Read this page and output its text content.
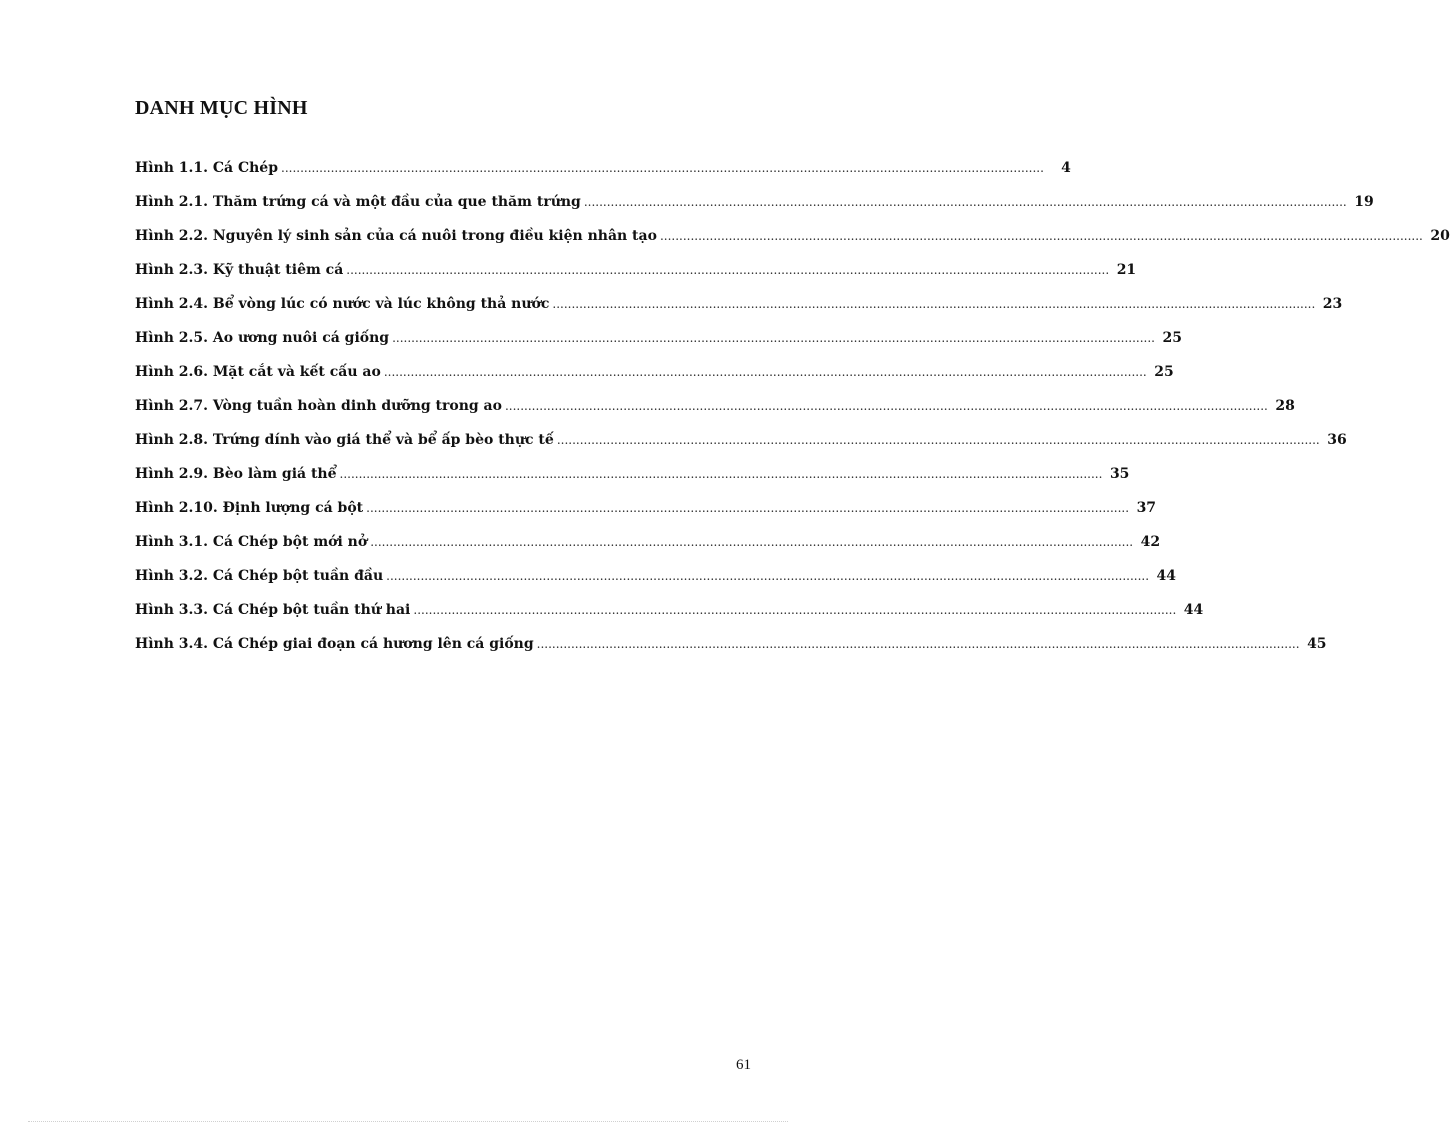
DANH MỤC HÌNH
Hình 1.1. Cá Chép ........................................................................................................................................................................................................	4
Hình 2.1. Thăm trứng cá và một đầu của que thăm trứng ........................................................................................................................................................................................................ 19
Hình 2.2. Nguyên lý sinh sản của cá nuôi trong điều kiện nhân tạo ........................................................................................................................................................................................................ 20
Hình 2.3. Kỹ thuật tiêm cá ........................................................................................................................................................................................................ 21
Hình 2.4. Bể vòng lúc có nước và lúc không thả nước ........................................................................................................................................................................................................ 23
Hình 2.5. Ao ương nuôi cá giống ........................................................................................................................................................................................................ 25
Hình 2.6. Mặt cắt và kết cấu ao ........................................................................................................................................................................................................ 25
Hình 2.7. Vòng tuần hoàn dinh dưỡng trong ao ........................................................................................................................................................................................................ 28
Hình 2.8. Trứng dính vào giá thể và bể ấp bèo thực tế ........................................................................................................................................................................................................ 36
Hình 2.9. Bèo làm giá thể ........................................................................................................................................................................................................ 35
Hình 2.10. Định lượng cá bột ........................................................................................................................................................................................................ 37
Hình 3.1. Cá Chép bột mới nở ........................................................................................................................................................................................................ 42
Hình 3.2. Cá Chép bột tuần đầu ........................................................................................................................................................................................................ 44
Hình 3.3. Cá Chép bột tuần thứ hai ........................................................................................................................................................................................................ 44
Hình 3.4. Cá Chép giai đoạn cá hương lên cá giống ........................................................................................................................................................................................................ 45
61
